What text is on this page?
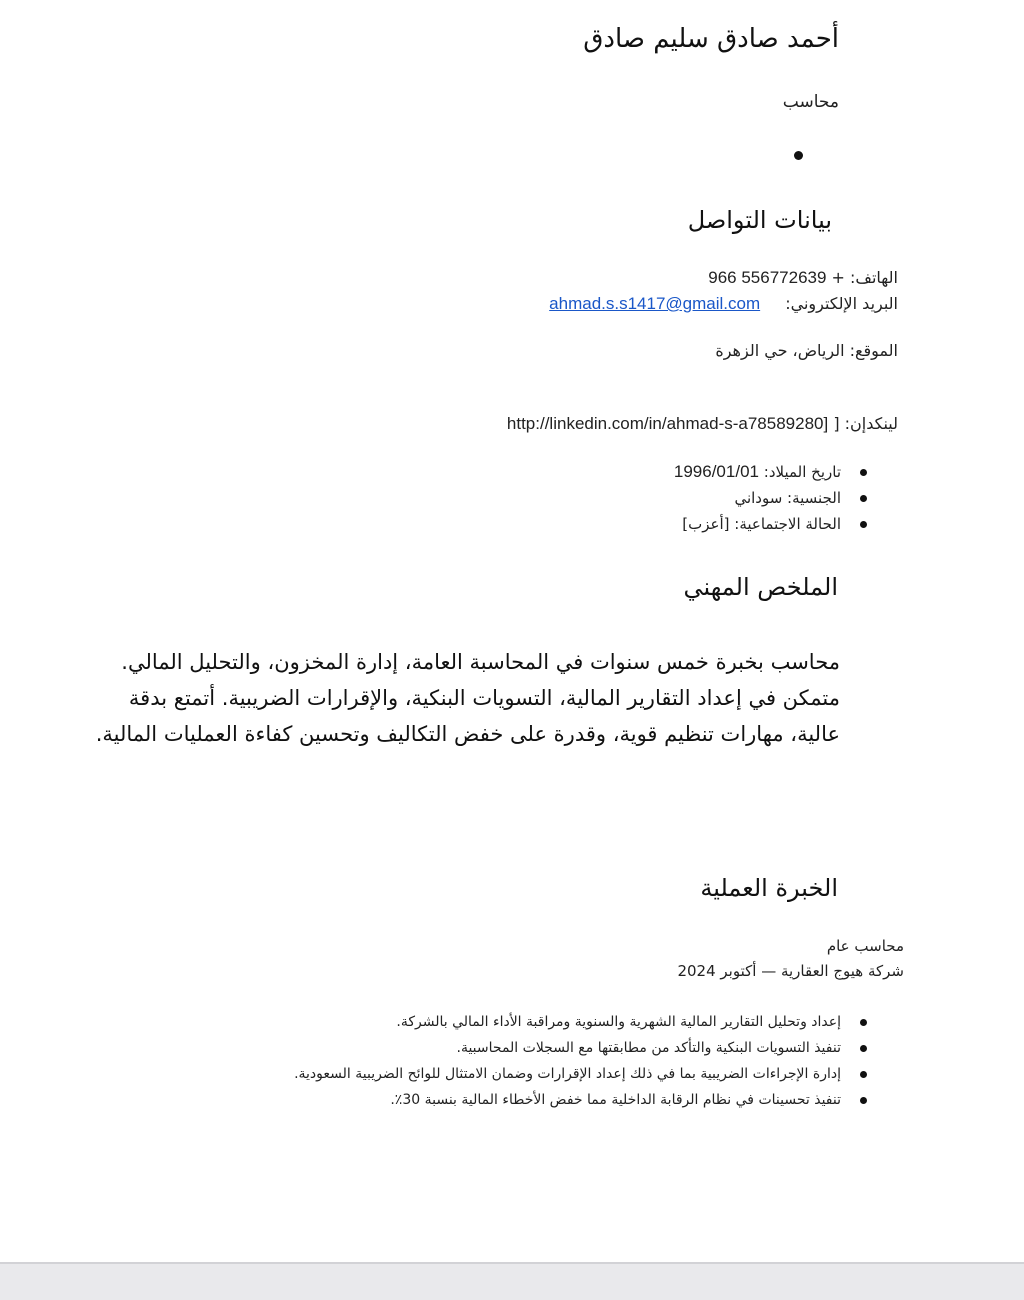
أحمد صادق سليم صادق
محاسب
بيانات التواصل
الهاتف: + 966 556772639
البريد الإلكتروني: ahmad.s.s1417@gmail.com
الموقع: الرياض، حي الزهرة
لينكدإن: [ http://linkedin.com/in/ahmad-s-a78589280]
تاريخ الميلاد: 1996/01/01
الجنسية: سوداني
الحالة الاجتماعية: [أعزب]
الملخص المهني

محاسب بخبرة خمس سنوات في المحاسبة العامة، إدارة المخزون، والتحليل المالي. متمكن في إعداد التقارير المالية، التسويات البنكية، والإقرارات الضريبية. أتمتع بدقة عالية، مهارات تنظيم قوية، وقدرة على خفض التكاليف وتحسين كفاءة العمليات المالية.

الخبرة العملية
محاسب عام
شركة هيوج العقارية — أكتوبر 2024
إعداد وتحليل التقارير المالية الشهرية والسنوية ومراقبة الأداء المالي بالشركة.
تنفيذ التسويات البنكية والتأكد من مطابقتها مع السجلات المحاسبية.
إدارة الإجراءات الضريبية بما في ذلك إعداد الإقرارات وضمان الامتثال للوائح الضريبية السعودية.
تنفيذ تحسينات في نظام الرقابة الداخلية مما خفض الأخطاء المالية بنسبة 30٪.
